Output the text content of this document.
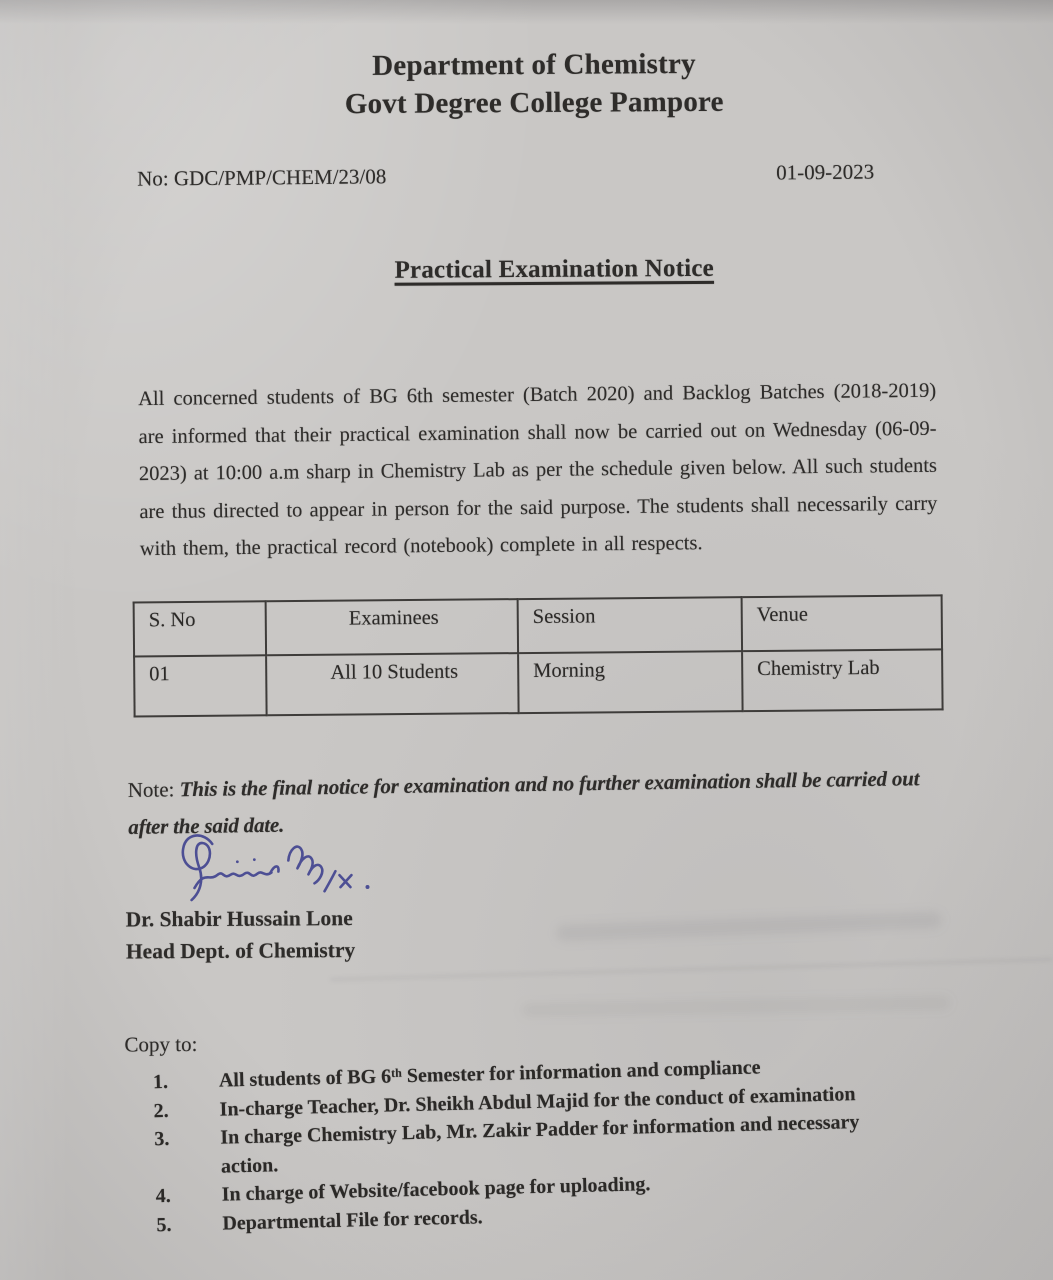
Department of Chemistry
Govt Degree College Pampore
No: GDC/PMP/CHEM/23/08	01-09-2023
Practical Examination Notice

All concerned students of BG 6th semester (Batch 2020) and Backlog Batches (2018-2019) are informed that their practical examination shall now be carried out on Wednesday (06-09-2023) at 10:00 a.m sharp in Chemistry Lab as per the schedule given below. All such students are thus directed to appear in person for the said purpose. The students shall necessarily carry with them, the practical record (notebook) complete in all respects.

S. No	Examinees	Session	Venue
01	All 10 Students	Morning	Chemistry Lab
Note: This is the final notice for examination and no further examination shall be carried out after the said date.
Dr. Shabir Hussain Lone
Head Dept. of Chemistry
Copy to:
1.	All students of BG 6ᵗʰ Semester for information and compliance
2.	In-charge Teacher, Dr. Sheikh Abdul Majid for the conduct of examination
3.	In charge Chemistry Lab, Mr. Zakir Padder for information and necessary action.
4.	In charge of Website/facebook page for uploading.
5.	Departmental File for records.
